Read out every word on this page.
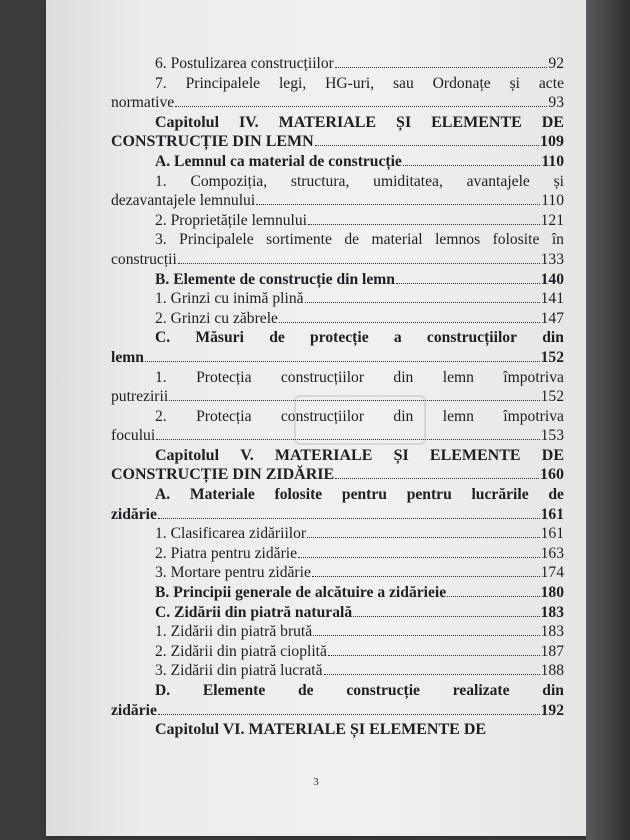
6. Postulizarea construcțiilor	92
7. Principalele legi, HG-uri, sau Ordonațe și acte
normative	93
Capitolul IV. MATERIALE ȘI ELEMENTE DE
CONSTRUCȚIE DIN LEMN	109
A. Lemnul ca material de construcție	110
1. Compoziția, structura, umiditatea, avantajele și
dezavantajele lemnului	110
2. Proprietățile lemnului	121
3. Principalele sortimente de material lemnos folosite în
construcții	133
B. Elemente de construcție din lemn	140
1. Grinzi cu inimă plină	141
2. Grinzi cu zăbrele	147
C. Măsuri de protecție a construcțiilor din
lemn	152
1. Protecția construcțiilor din lemn împotriva
putrezirii	152
2. Protecția construcțiilor din lemn împotriva
focului	153
Capitolul V. MATERIALE ȘI ELEMENTE DE
CONSTRUCȚIE DIN ZIDĂRIE	160
A. Materiale folosite pentru pentru lucrările de
zidărie	161
1. Clasificarea zidăriilor	161
2. Piatra pentru zidărie	163
3. Mortare pentru zidărie	174
B. Principii generale de alcătuire a zidărieie	180
C. Zidării din piatră naturală	183
1. Zidării din piatră brută	183
2. Zidării din piatră cioplită	187
3. Zidării din piatră lucrată	188
D. Elemente de construcție realizate din
zidărie	192
Capitolul VI. MATERIALE ȘI ELEMENTE DE
3
